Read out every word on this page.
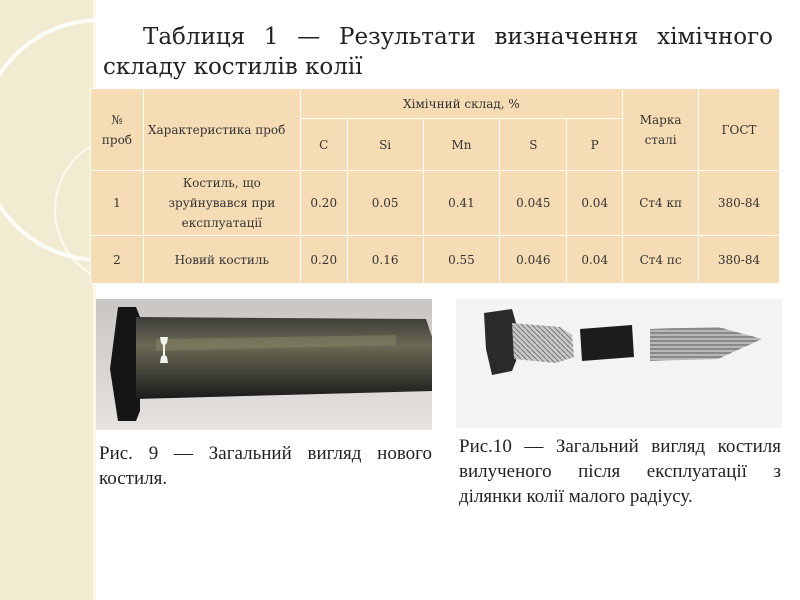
Таблиця 1 — Результати визначення хімічного складу костилів колії
№ проб	Характеристика проб	Хімічний склад, %					Марка сталі	ГОСТ
		C	Si	Mn	S	P		
1	Костиль, що зруйнувався при експлуатації	0.20	0.05	0.41	0.045	0.04	Ст4 кп	380-84
2	Новий костиль	0.20	0.16	0.55	0.046	0.04	Ст4 пс	380-84
Рис. 9 — Загальний вигляд нового костиля.
Рис.10 — Загальний вигляд костиля вилученого після експлуатації з ділянки колії малого радіусу.
